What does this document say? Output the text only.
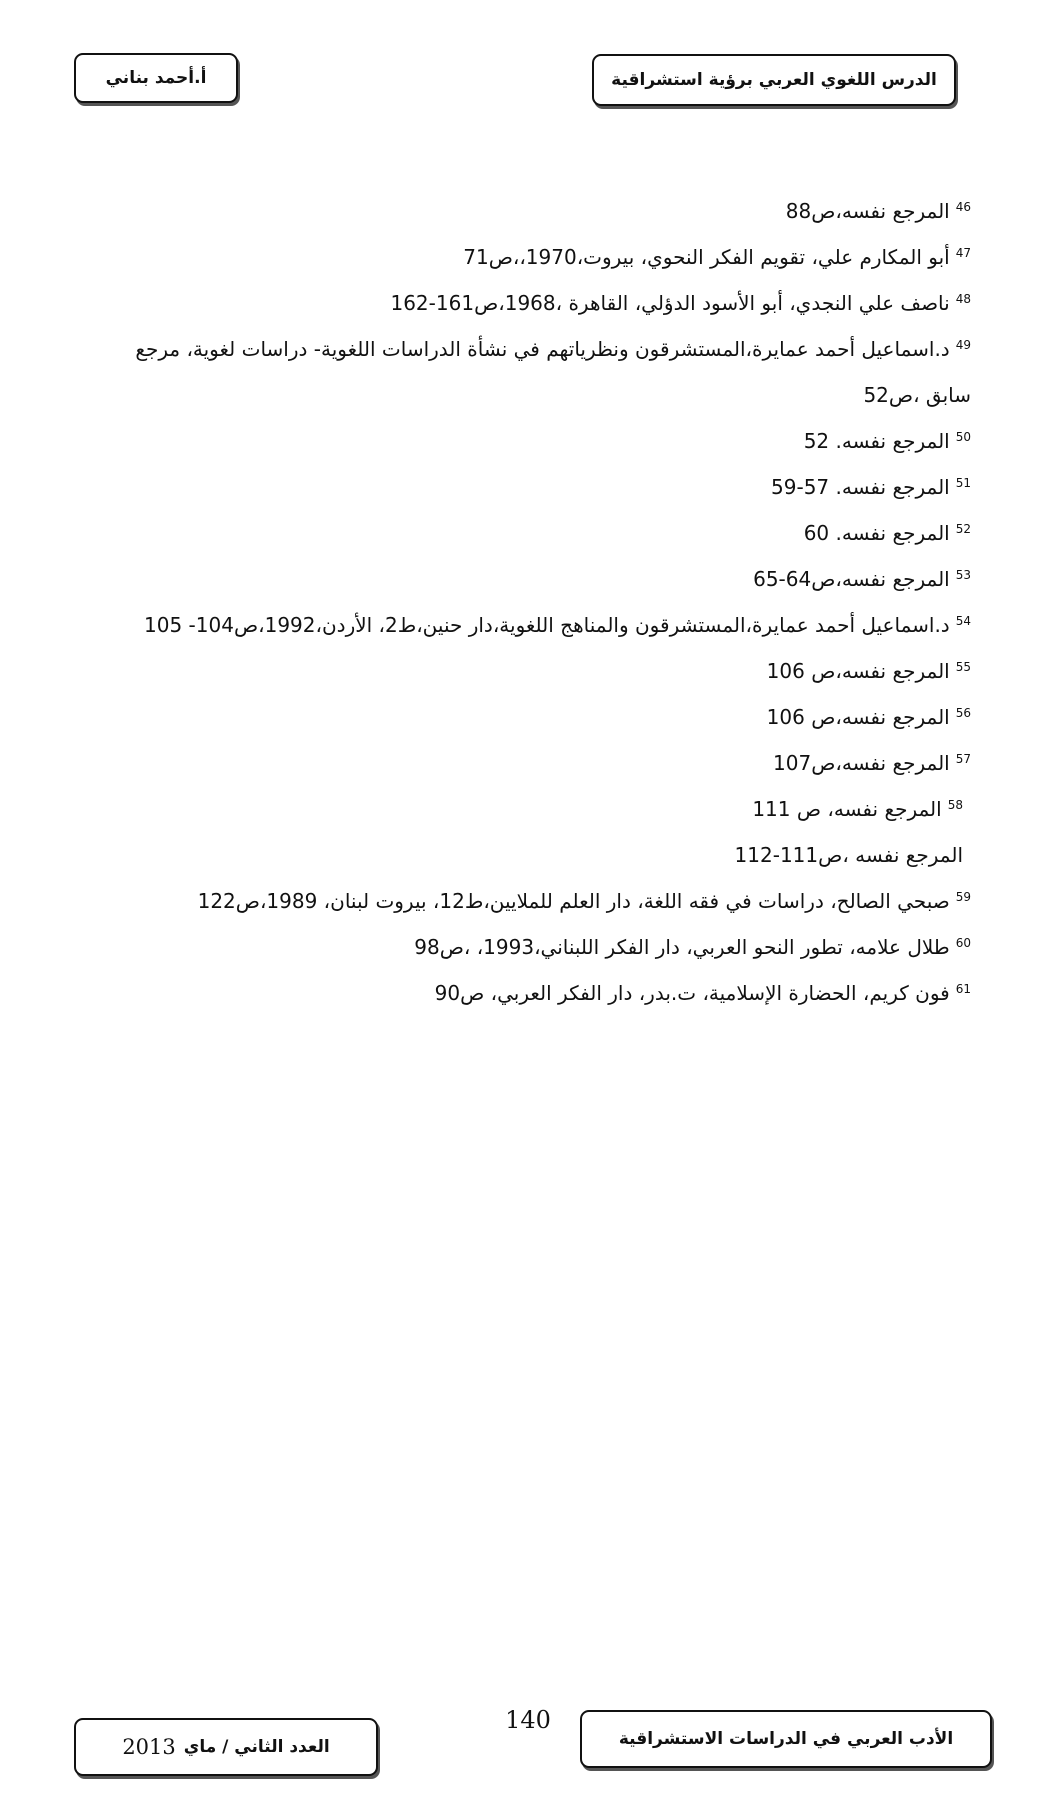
الدرس اللغوي العربي برؤية استشراقية
أ.أحمد بناني
$^{46}$المرجع نفسه،ص88
$^{47}$أبو المكارم علي، تقويم الفكر النحوي، بيروت،1970،،ص71
$^{48}$ناصف علي النجدي، أبو الأسود الدؤلي، القاهرة ،1968،ص161-162
$^{49}$د.اسماعيل أحمد عمايرة،المستشرقون ونظرياتهم في نشأة الدراسات اللغوية- دراسات لغوية، مرجع سابق ،ص52
$^{50}$المرجع نفسه. 52
$^{51}$المرجع نفسه. 57-59
$^{52}$المرجع نفسه. 60
$^{53}$المرجع نفسه،ص64-65
$^{54}$د.اسماعيل أحمد عمايرة،المستشرقون والمناهج اللغوية،دار حنين،ط2، الأردن،1992،ص104- 105
$^{55}$المرجع نفسه،ص 106
$^{56}$المرجع نفسه،ص 106
$^{57}$المرجع نفسه،ص107
$^{58}$المرجع نفسه، ص 111
المرجع نفسه ،ص111-112
$^{59}$صبحي الصالح، دراسات في فقه اللغة، دار العلم للملايين،ط12، بيروت لبنان، 1989،ص122
$^{60}$طلال علامه، تطور النحو العربي، دار الفكر اللبناني،1993، ،ص98
$^{61}$فون كريم، الحضارة الإسلامية، ت.بدر، دار الفكر العربي، ص90
الأدب العربي في الدراسات الاستشراقية
140
العدد الثاني / ماي
2013
